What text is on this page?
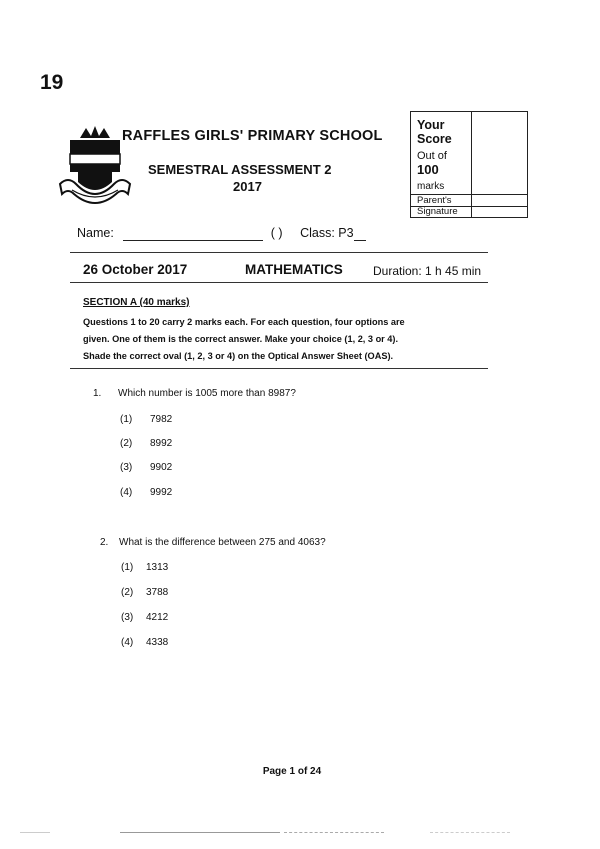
19
RAFFLES GIRLS' PRIMARY SCHOOL
SEMESTRAL ASSESSMENT 2
2017
Your
Score
Out of
100
marks
Parent's
Signature
Name:	( ) Class: P3
26 October 2017	MATHEMATICS	Duration: 1 h 45 min
SECTION A (40 marks)
Questions 1 to 20 carry 2 marks each. For each question, four options are
given. One of them is the correct answer. Make your choice (1, 2, 3 or 4).
Shade the correct oval (1, 2, 3 or 4) on the Optical Answer Sheet (OAS).
1. Which number is 1005 more than 8987?
(1) 7982
(2) 8992
(3) 9902
(4) 9992
2. What is the difference between 275 and 4063?
(1) 1313
(2) 3788
(3) 4212
(4) 4338
Page 1 of 24
